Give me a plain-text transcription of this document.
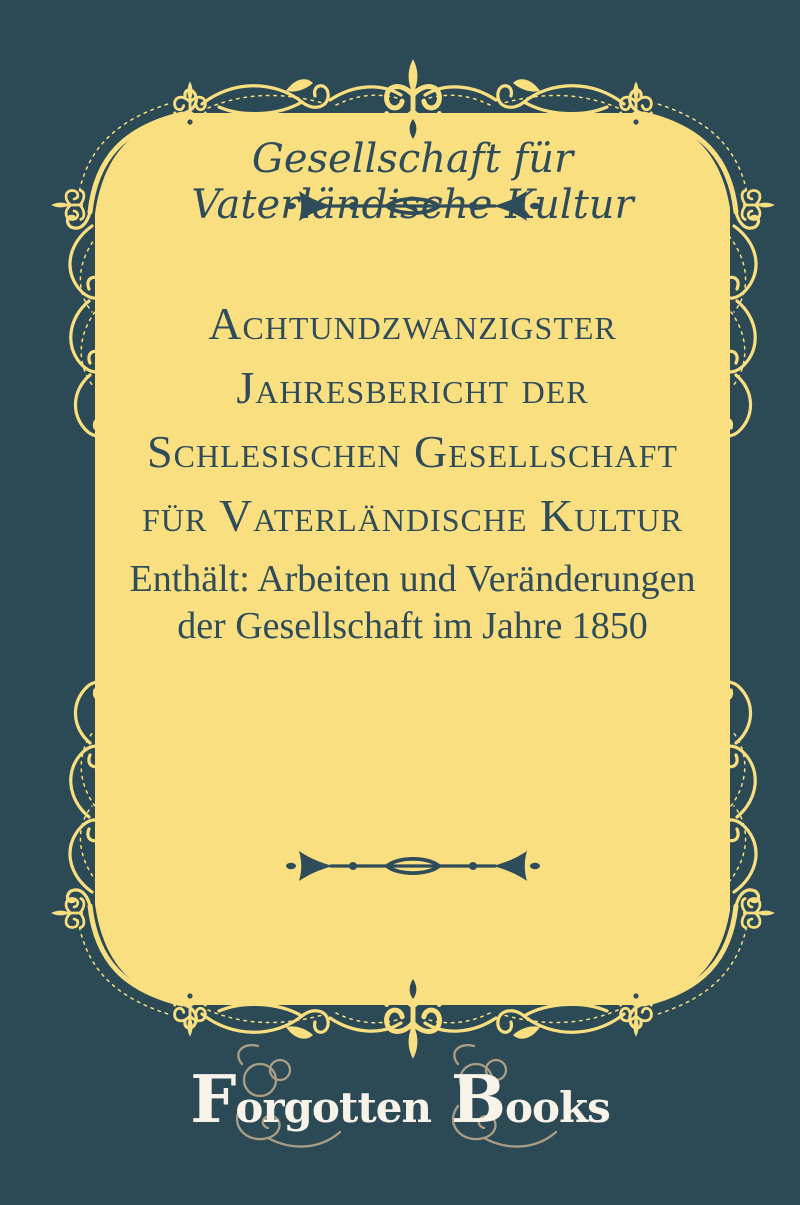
Gesellschaft für Vaterländische Kultur
Achtundzwanzigster
Jahresbericht der
Schlesischen Gesellschaft
für Vaterländische Kultur
Enthält: Arbeiten und Veränderungen
der Gesellschaft im Jahre 1850
Forgotten Books
